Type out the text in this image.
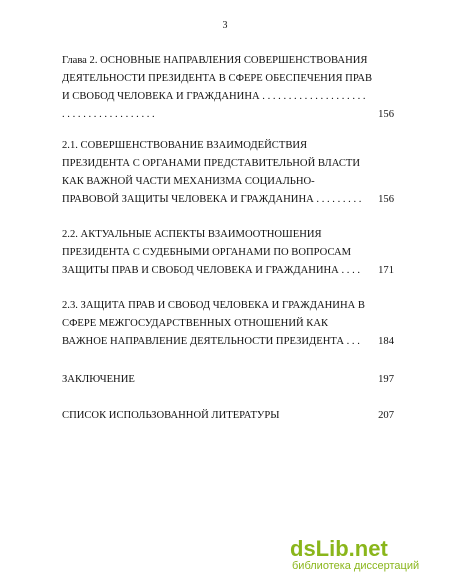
3
Глава 2. ОСНОВНЫЕ НАПРАВЛЕНИЯ СОВЕРШЕНСТВОВАНИЯ
ДЕЯТЕЛЬНОСТИ ПРЕЗИДЕНТА В СФЕРЕ ОБЕСПЕЧЕНИЯ ПРАВ
И СВОБОД ЧЕЛОВЕКА И ГРАЖДАНИНА . . . . . . . . . . . . . . . . . . . .
. . . . . . . . . . . . . . . . . .	156
2.1. СОВЕРШЕНСТВОВАНИЕ ВЗАИМОДЕЙСТВИЯ
ПРЕЗИДЕНТА С ОРГАНАМИ ПРЕДСТАВИТЕЛЬНОЙ ВЛАСТИ
КАК ВАЖНОЙ ЧАСТИ МЕХАНИЗМА СОЦИАЛЬНО-
ПРАВОВОЙ ЗАЩИТЫ ЧЕЛОВЕКА И ГРАЖДАНИНА . . . . . . . . .	156
2.2. АКТУАЛЬНЫЕ АСПЕКТЫ ВЗАИМООТНОШЕНИЯ
ПРЕЗИДЕНТА С СУДЕБНЫМИ ОРГАНАМИ ПО ВОПРОСАМ
ЗАЩИТЫ ПРАВ И СВОБОД ЧЕЛОВЕКА И ГРАЖДАНИНА . . . .	171
2.3. ЗАЩИТА ПРАВ И СВОБОД ЧЕЛОВЕКА И ГРАЖДАНИНА В
СФЕРЕ МЕЖГОСУДАРСТВЕННЫХ ОТНОШЕНИЙ КАК
ВАЖНОЕ НАПРАВЛЕНИЕ ДЕЯТЕЛЬНОСТИ ПРЕЗИДЕНТА . . .	184
ЗАКЛЮЧЕНИЕ	197
СПИСОК ИСПОЛЬЗОВАННОЙ ЛИТЕРАТУРЫ	207
dsLib.net
библиотека диссертаций
